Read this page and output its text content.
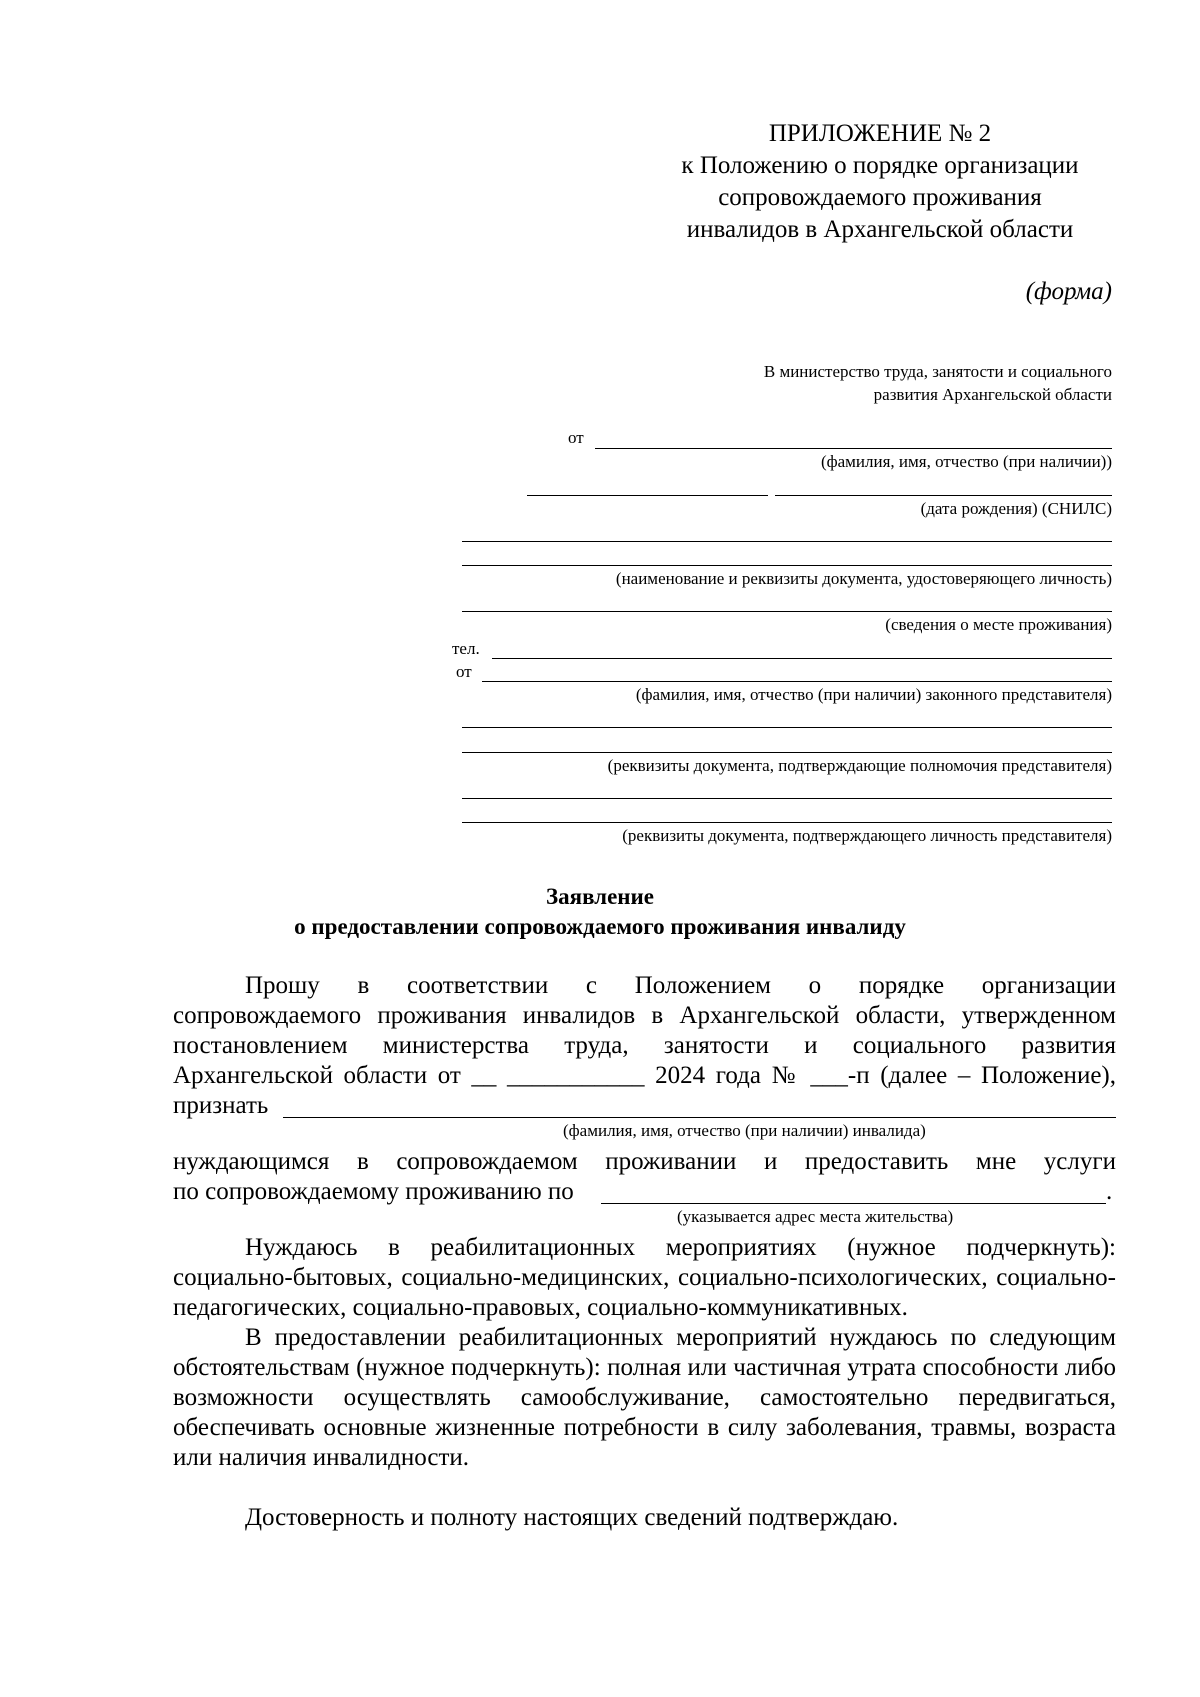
ПРИЛОЖЕНИЕ № 2
к Положению о порядке организации
сопровождаемого проживания
инвалидов в Архангельской области
(форма)
В министерство труда, занятости и социального
развития Архангельской области
от
(фамилия, имя, отчество (при наличии))
(дата рождения) (СНИЛС)
(наименование и реквизиты документа, удостоверяющего личность)
(сведения о месте проживания)
тел.
от
(фамилия, имя, отчество (при наличии) законного представителя)
(реквизиты документа, подтверждающие полномочия представителя)
(реквизиты документа, подтверждающего личность представителя)
Заявление
о предоставлении сопровождаемого проживания инвалиду
Прошу в соответствии с Положением о порядке организации
сопровождаемого проживания инвалидов в Архангельской области, утвержденном
постановлением министерства труда, занятости и социального развития
Архангельской области от __ ___________ 2024 года № ___-п (далее – Положение),
признать
(фамилия, имя, отчество (при наличии) инвалида)
нуждающимся в сопровождаемом проживании и предоставить мне услуги
по сопровождаемому проживанию по	.
(указывается адрес места жительства)

Нуждаюсь в реабилитационных мероприятиях (нужное подчеркнуть): социально-бытовых, социально-медицинских, социально-психологических, социально-педагогических, социально-правовых, социально-коммуникативных.

В предоставлении реабилитационных мероприятий нуждаюсь по следующим обстоятельствам (нужное подчеркнуть): полная или частичная утрата способности либо возможности осуществлять самообслуживание, самостоятельно передвигаться, обеспечивать основные жизненные потребности в силу заболевания, травмы, возраста или наличия инвалидности.

Достоверность и полноту настоящих сведений подтверждаю.
